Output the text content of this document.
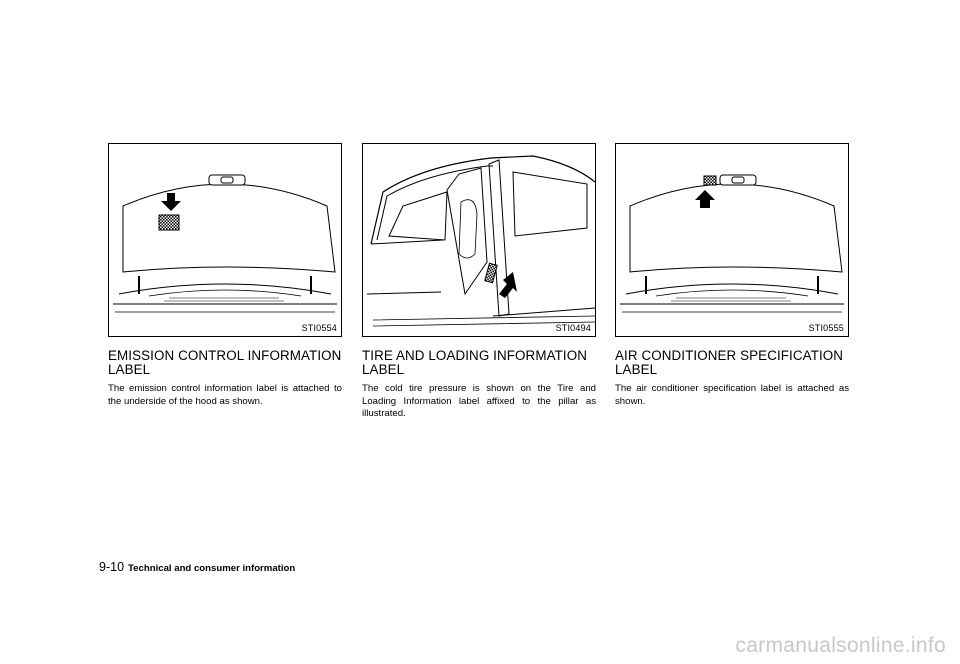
STI0554
EMISSION CONTROL INFORMATION LABEL

The emission control information label is attached to the underside of the hood as shown.

STI0494
TIRE AND LOADING INFORMATION LABEL

The cold tire pressure is shown on the Tire and Loading Information label affixed to the pillar as illustrated.

STI0555
AIR CONDITIONER SPECIFICATION LABEL

The air conditioner specification label is attached as shown.

9-10 Technical and consumer information
carmanualsonline.info
